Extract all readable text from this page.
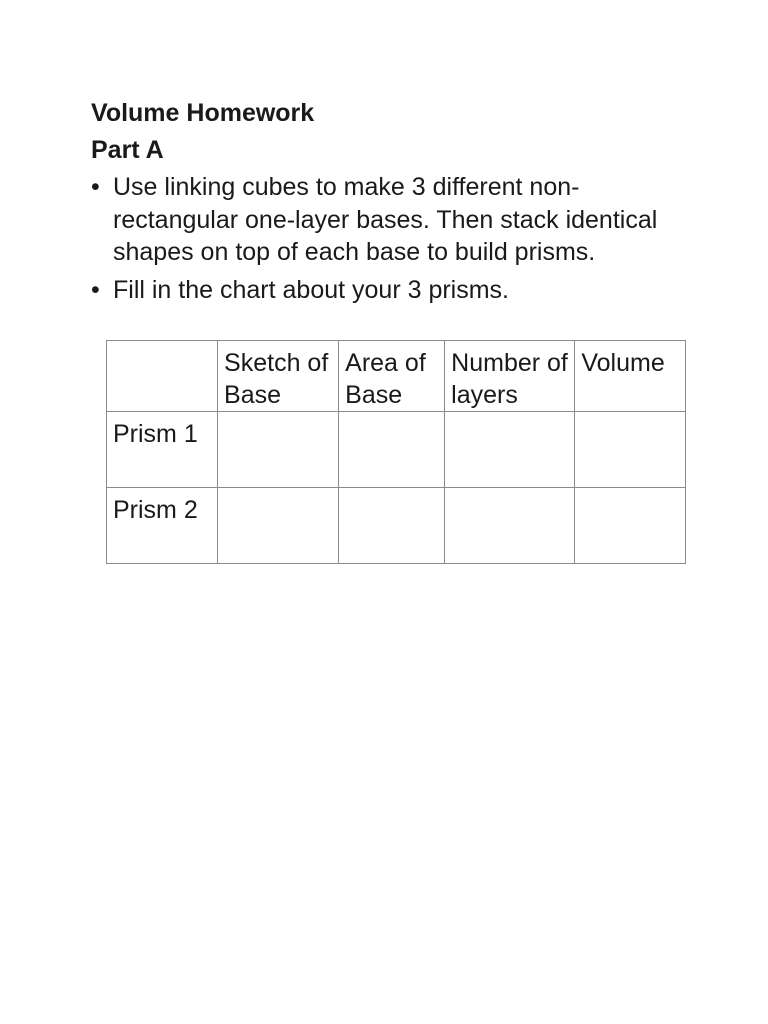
Volume Homework
Part A
• Use linking cubes to make 3 different non-rectangular one-layer bases. Then stack identical shapes on top of each base to build prisms.
• Fill in the chart about your 3 prisms.
	Sketch of Base	Area of Base	Number of layers	Volume
Prism 1				
Prism 2				
